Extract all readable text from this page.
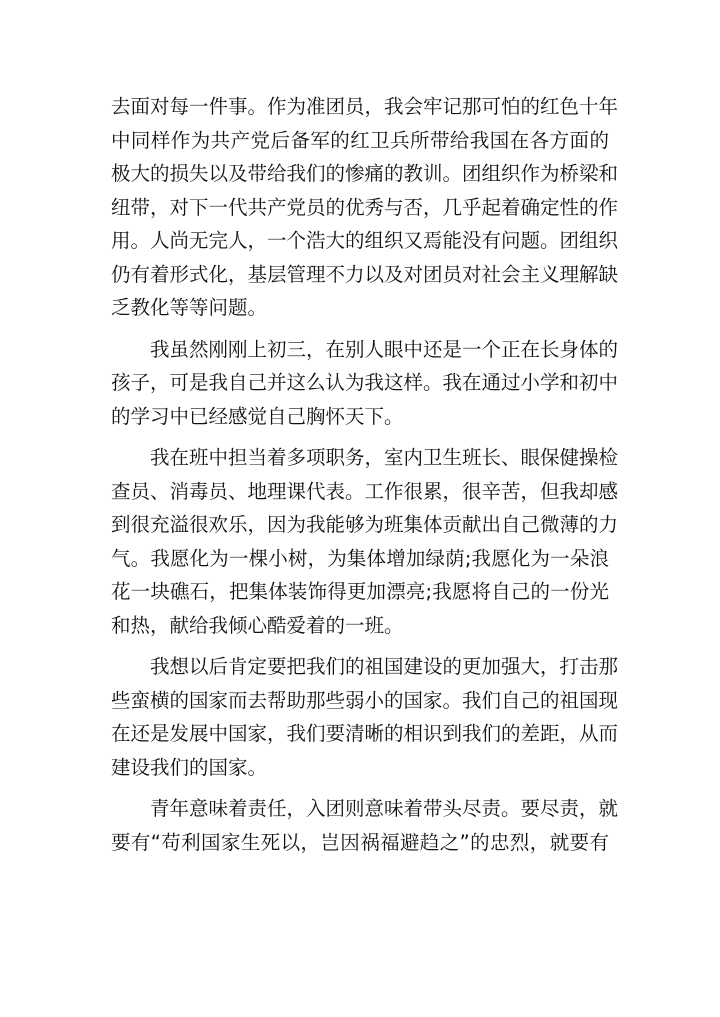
去面对每一件事。作为准团员，我会牢记那可怕的红色十年
中同样作为共产党后备军的红卫兵所带给我国在各方面的
极大的损失以及带给我们的惨痛的教训。团组织作为桥梁和
纽带，对下一代共产党员的优秀与否，几乎起着确定性的作
用。人尚无完人，一个浩大的组织又焉能没有问题。团组织
仍有着形式化，基层管理不力以及对团员对社会主义理解缺
乏教化等等问题。
我虽然刚刚上初三，在别人眼中还是一个正在长身体的
孩子，可是我自己并这么认为我这样。我在通过小学和初中
的学习中已经感觉自己胸怀天下。
我在班中担当着多项职务，室内卫生班长、眼保健操检
查员、消毒员、地理课代表。工作很累，很辛苦，但我却感
到很充溢很欢乐，因为我能够为班集体贡献出自己微薄的力
气。我愿化为一棵小树，为集体增加绿荫;我愿化为一朵浪
花一块礁石，把集体装饰得更加漂亮;我愿将自己的一份光
和热，献给我倾心酷爱着的一班。
我想以后肯定要把我们的祖国建设的更加强大，打击那
些蛮横的国家而去帮助那些弱小的国家。我们自己的祖国现
在还是发展中国家，我们要清晰的相识到我们的差距，从而
建设我们的国家。
青年意味着责任，入团则意味着带头尽责。要尽责，就
要有“苟利国家生死以，岂因祸福避趋之”的忠烈，就要有
